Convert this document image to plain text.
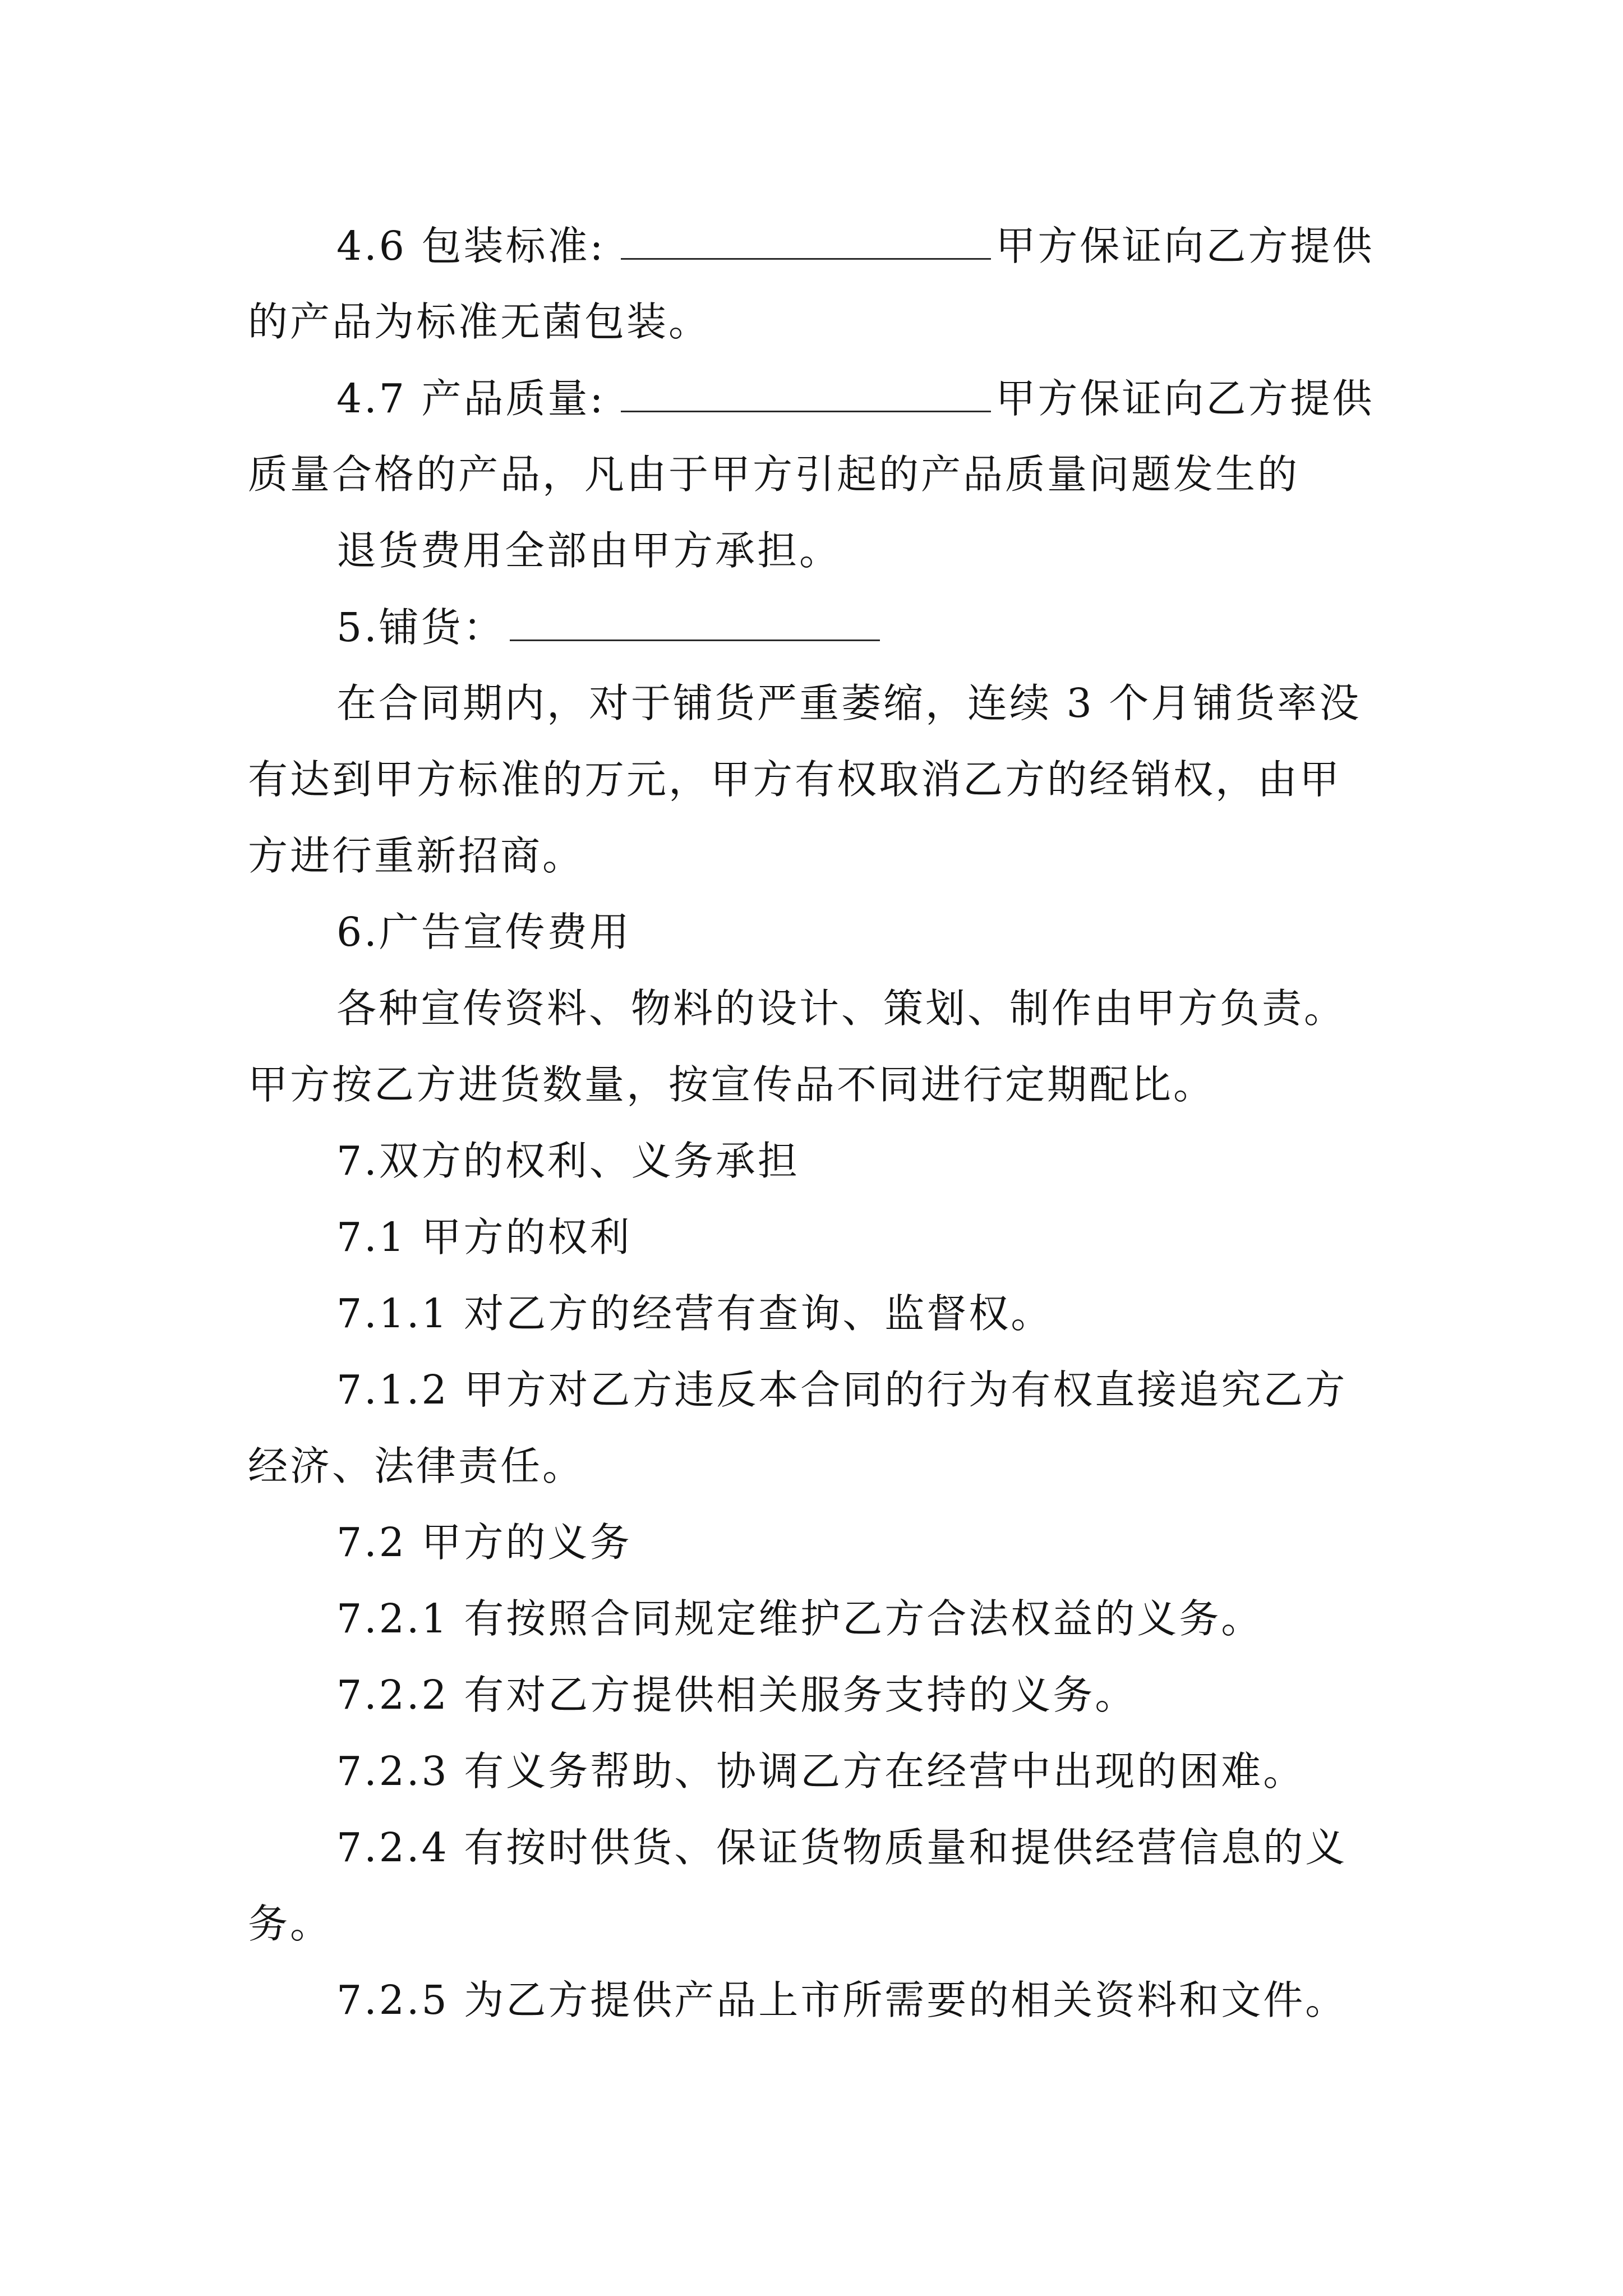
4.6 包装标准:	甲方保证向乙方提供
的产品为标准无菌包装。
4.7 产品质量:	甲方保证向乙方提供
质量合格的产品，凡由于甲方引起的产品质量问题发生的
退货费用全部由甲方承担。
5.铺货：
在合同期内，对于铺货严重萎缩，连续 3 个月铺货率没
有达到甲方标准的万元，甲方有权取消乙方的经销权，由甲
方进行重新招商。
6.广告宣传费用
各种宣传资料、物料的设计、策划、制作由甲方负责。
甲方按乙方进货数量，按宣传品不同进行定期配比。
7.双方的权利、义务承担
7.1 甲方的权利
7.1.1 对乙方的经营有查询、监督权。
7.1.2 甲方对乙方违反本合同的行为有权直接追究乙方
经济、法律责任。
7.2 甲方的义务
7.2.1 有按照合同规定维护乙方合法权益的义务。
7.2.2 有对乙方提供相关服务支持的义务。
7.2.3 有义务帮助、协调乙方在经营中出现的困难。
7.2.4 有按时供货、保证货物质量和提供经营信息的义
务。
7.2.5 为乙方提供产品上市所需要的相关资料和文件。
